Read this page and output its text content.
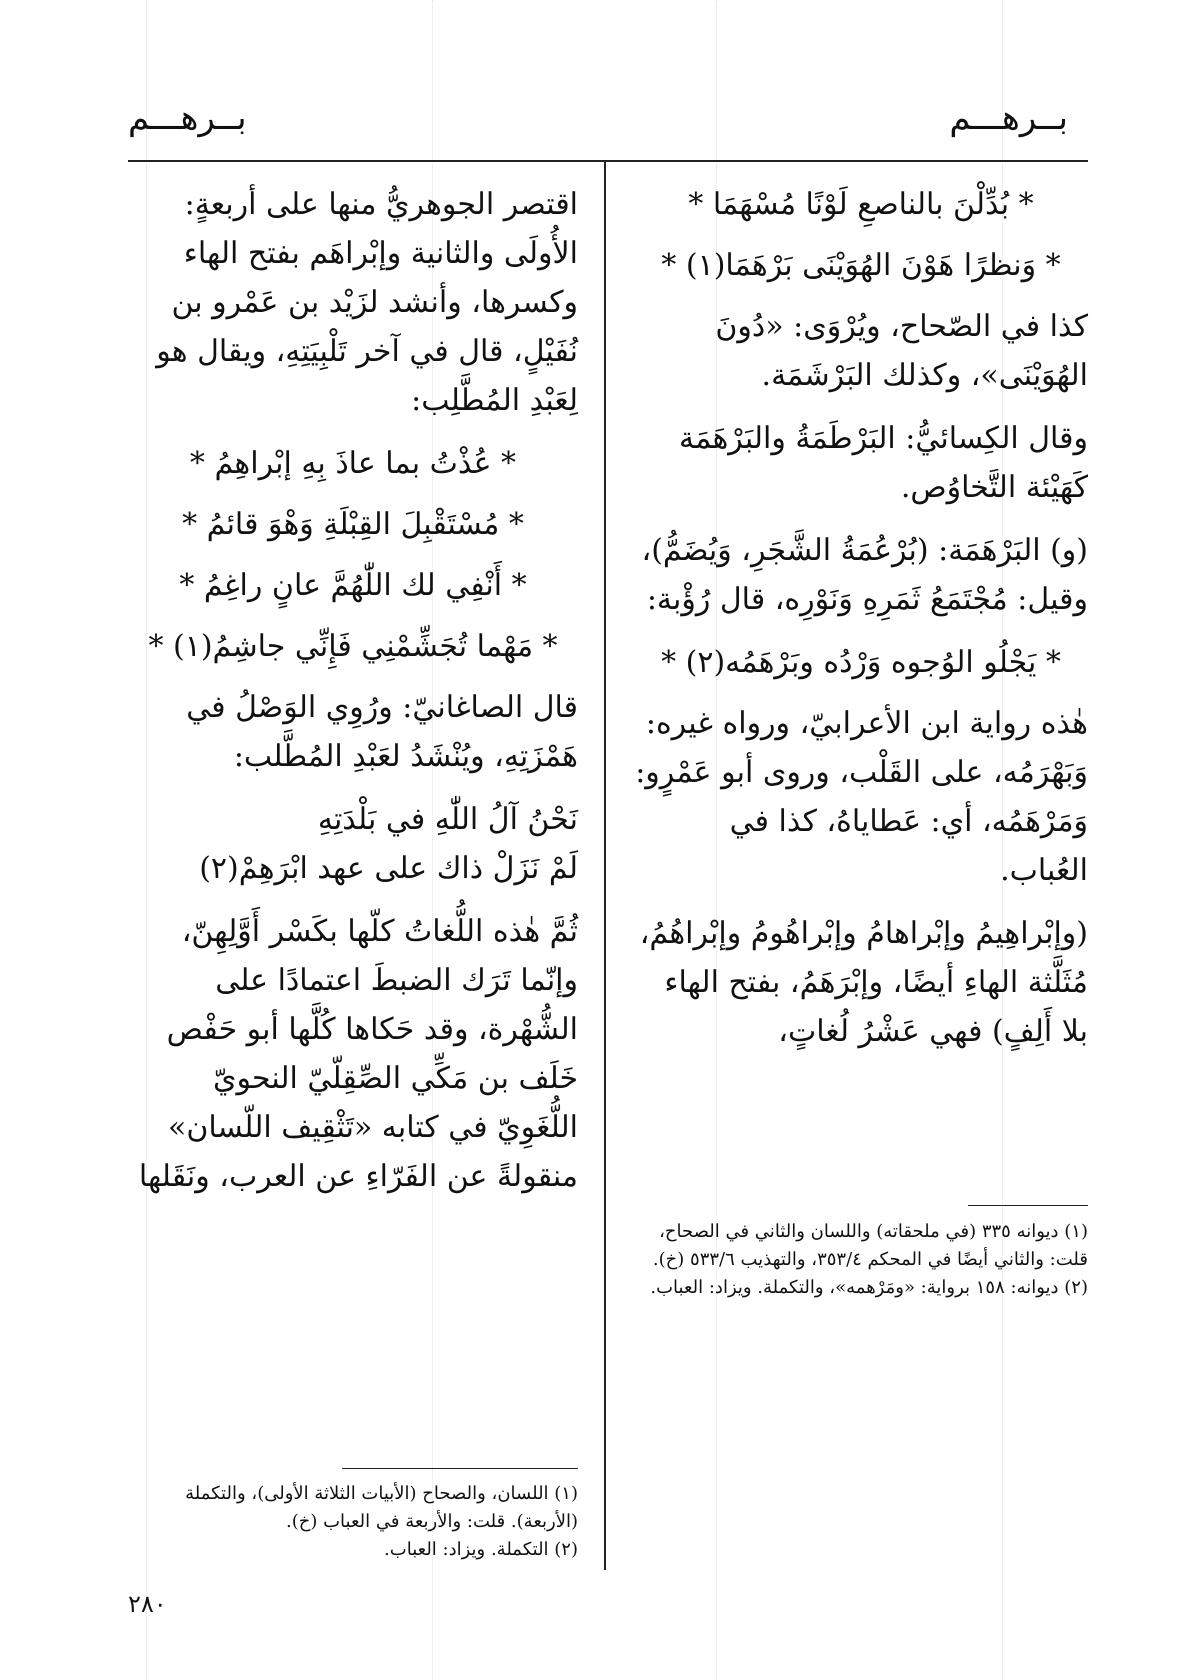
بــرهـــم
بــرهـــم
* بُدِّلْنَ بالناصعِ لَوْنًا مُسْهَمَا *
* وَنظرًا هَوْنَ الهُوَيْنَى بَرْهَمَا(١) *

كذا في الصّحاح، ويُرْوَى: «دُونَ الهُوَيْنَى»، وكذلك البَرْشَمَة.

وقال الكِسائيُّ: البَرْطَمَةُ والبَرْهَمَة كَهَيْئة التَّخاوُص.

(و) البَرْهَمَة: (بُرْعُمَةُ الشَّجَرِ، وَيُضَمُّ)، وقيل: مُجْتَمَعُ ثَمَرِهِ وَنَوْرِه، قال رُؤْبة:

* يَجْلُو الوُجوه وَرْدُه وبَرْهَمُه(٢) *

هٰذه رواية ابن الأعرابيّ، ورواه غيره: وَبَهْرَمُه، على القَلْب، وروى أبو عَمْرٍو: وَمَرْهَمُه، أي: عَطاياهُ، كذا في العُباب.

(وإبْراهِيمُ وإبْراهامُ وإبْراهُومُ وإبْراهُمُ، مُثَلَّثة الهاءِ أيضًا، وإبْرَهَمُ، بفتح الهاء بلا أَلِفٍ) فهي عَشْرُ لُغاتٍ،

(١) ديوانه ٣٣٥ (في ملحقاته) واللسان والثاني في الصحاح، قلت: والثاني أيضًا في المحكم ٣٥٣/٤، والتهذيب ٥٣٣/٦ (خ).

(٢) ديوانه: ١٥٨ برواية: «ومَرْهمه»، والتكملة. ويزاد: العباب.

اقتصر الجوهريُّ منها على أربعةٍ: الأُولَى والثانية وإبْراهَم بفتح الهاء وكسرها، وأنشد لزَيْد بن عَمْرو بن نُفَيْلٍ، قال في آخر تَلْبِيَتِهِ، ويقال هو لِعَبْدِ المُطَّلِب:

* عُذْتُ بما عاذَ بِهِ إبْراهِمُ *
* مُسْتَقْبِلَ القِبْلَةِ وَهْوَ قائمُ *
* أَنْفِي لك اللّٰهُمَّ عانٍ راغِمُ *
* مَهْما تُجَشِّمْنِي فَإِنِّي جاشِمُ(١) *

قال الصاغانيّ: ورُوِي الوَصْلُ في هَمْزَتِهِ، ويُنْشَدُ لعَبْدِ المُطَّلب:

نَحْنُ آلُ اللّٰهِ في بَلْدَتِهِ
لَمْ نَزَلْ ذاك على عهد ابْرَهِمْ(٢)

ثُمَّ هٰذه اللُّغاتُ كلّها بكَسْر أَوَّلِهِنّ، وإنّما تَرَك الضبطَ اعتمادًا على الشُّهْرة، وقد حَكاها كُلَّها أبو حَفْص خَلَف بن مَكِّي الصِّقِلّيّ النحويّ اللُّغَوِيّ في كتابه «تَثْقِيف اللّسان» منقولةً عن الفَرّاءِ عن العرب، ونَقَلها

(١) اللسان، والصحاح (الأبيات الثلاثة الأولى)، والتكملة (الأربعة). قلت: والأربعة في العباب (خ).

(٢) التكملة. ويزاد: العباب.

٢٨٠
